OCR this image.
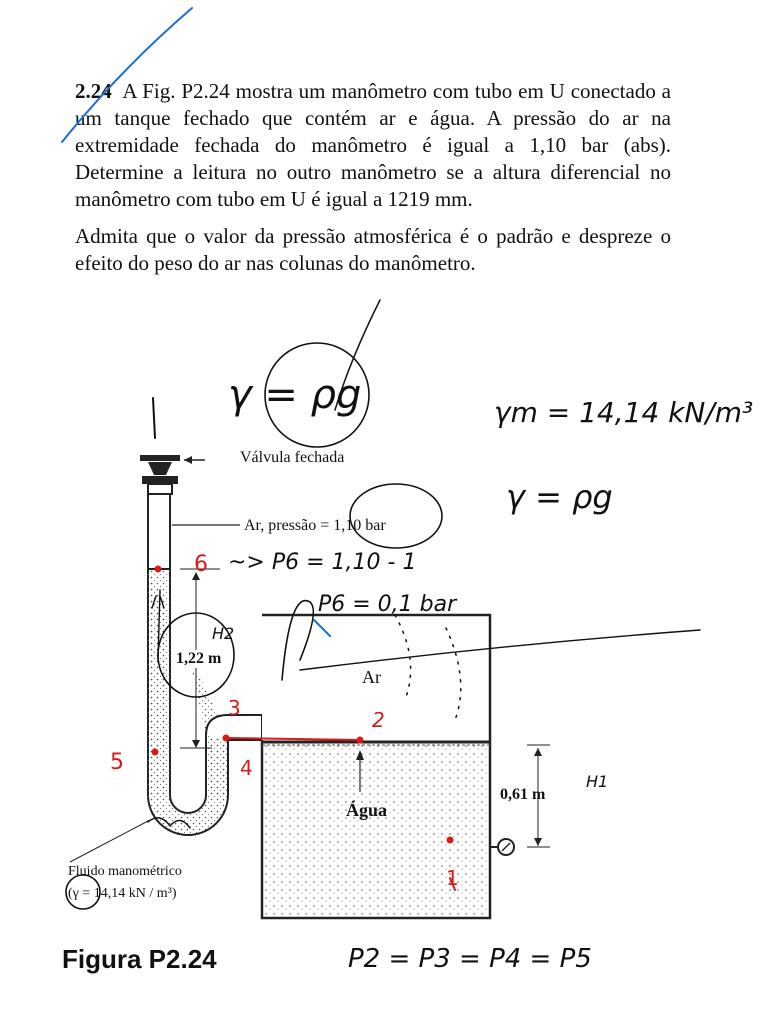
2.24 A Fig. P2.24 mostra um manômetro com tubo em U conectado a um tanque fechado que contém ar e água. A pressão do ar na extremidade fechada do manômetro é igual a 1,10 bar (abs). Determine a leitura no outro manômetro se a altura diferencial no manômetro com tubo em U é igual a 1219 mm.

Admita que o valor da pressão atmosférica é o padrão e despreze o efeito do peso do ar nas colunas do manômetro.

Válvula fechada
Ar, pressão = 1,10 bar
1,22 m
Ar
Água
0,61 m
Fluido manométrico
(γ = 14,14 kN / m³)
Figura P2.24
γ = ρg	γm = 14,14 kN/m³
γ = ρg
~> P6 = 1,10 - 1
P6 = 0,1 bar
H2
H1
1
2
3
4
5
6
P2 = P3 = P4 = P5
